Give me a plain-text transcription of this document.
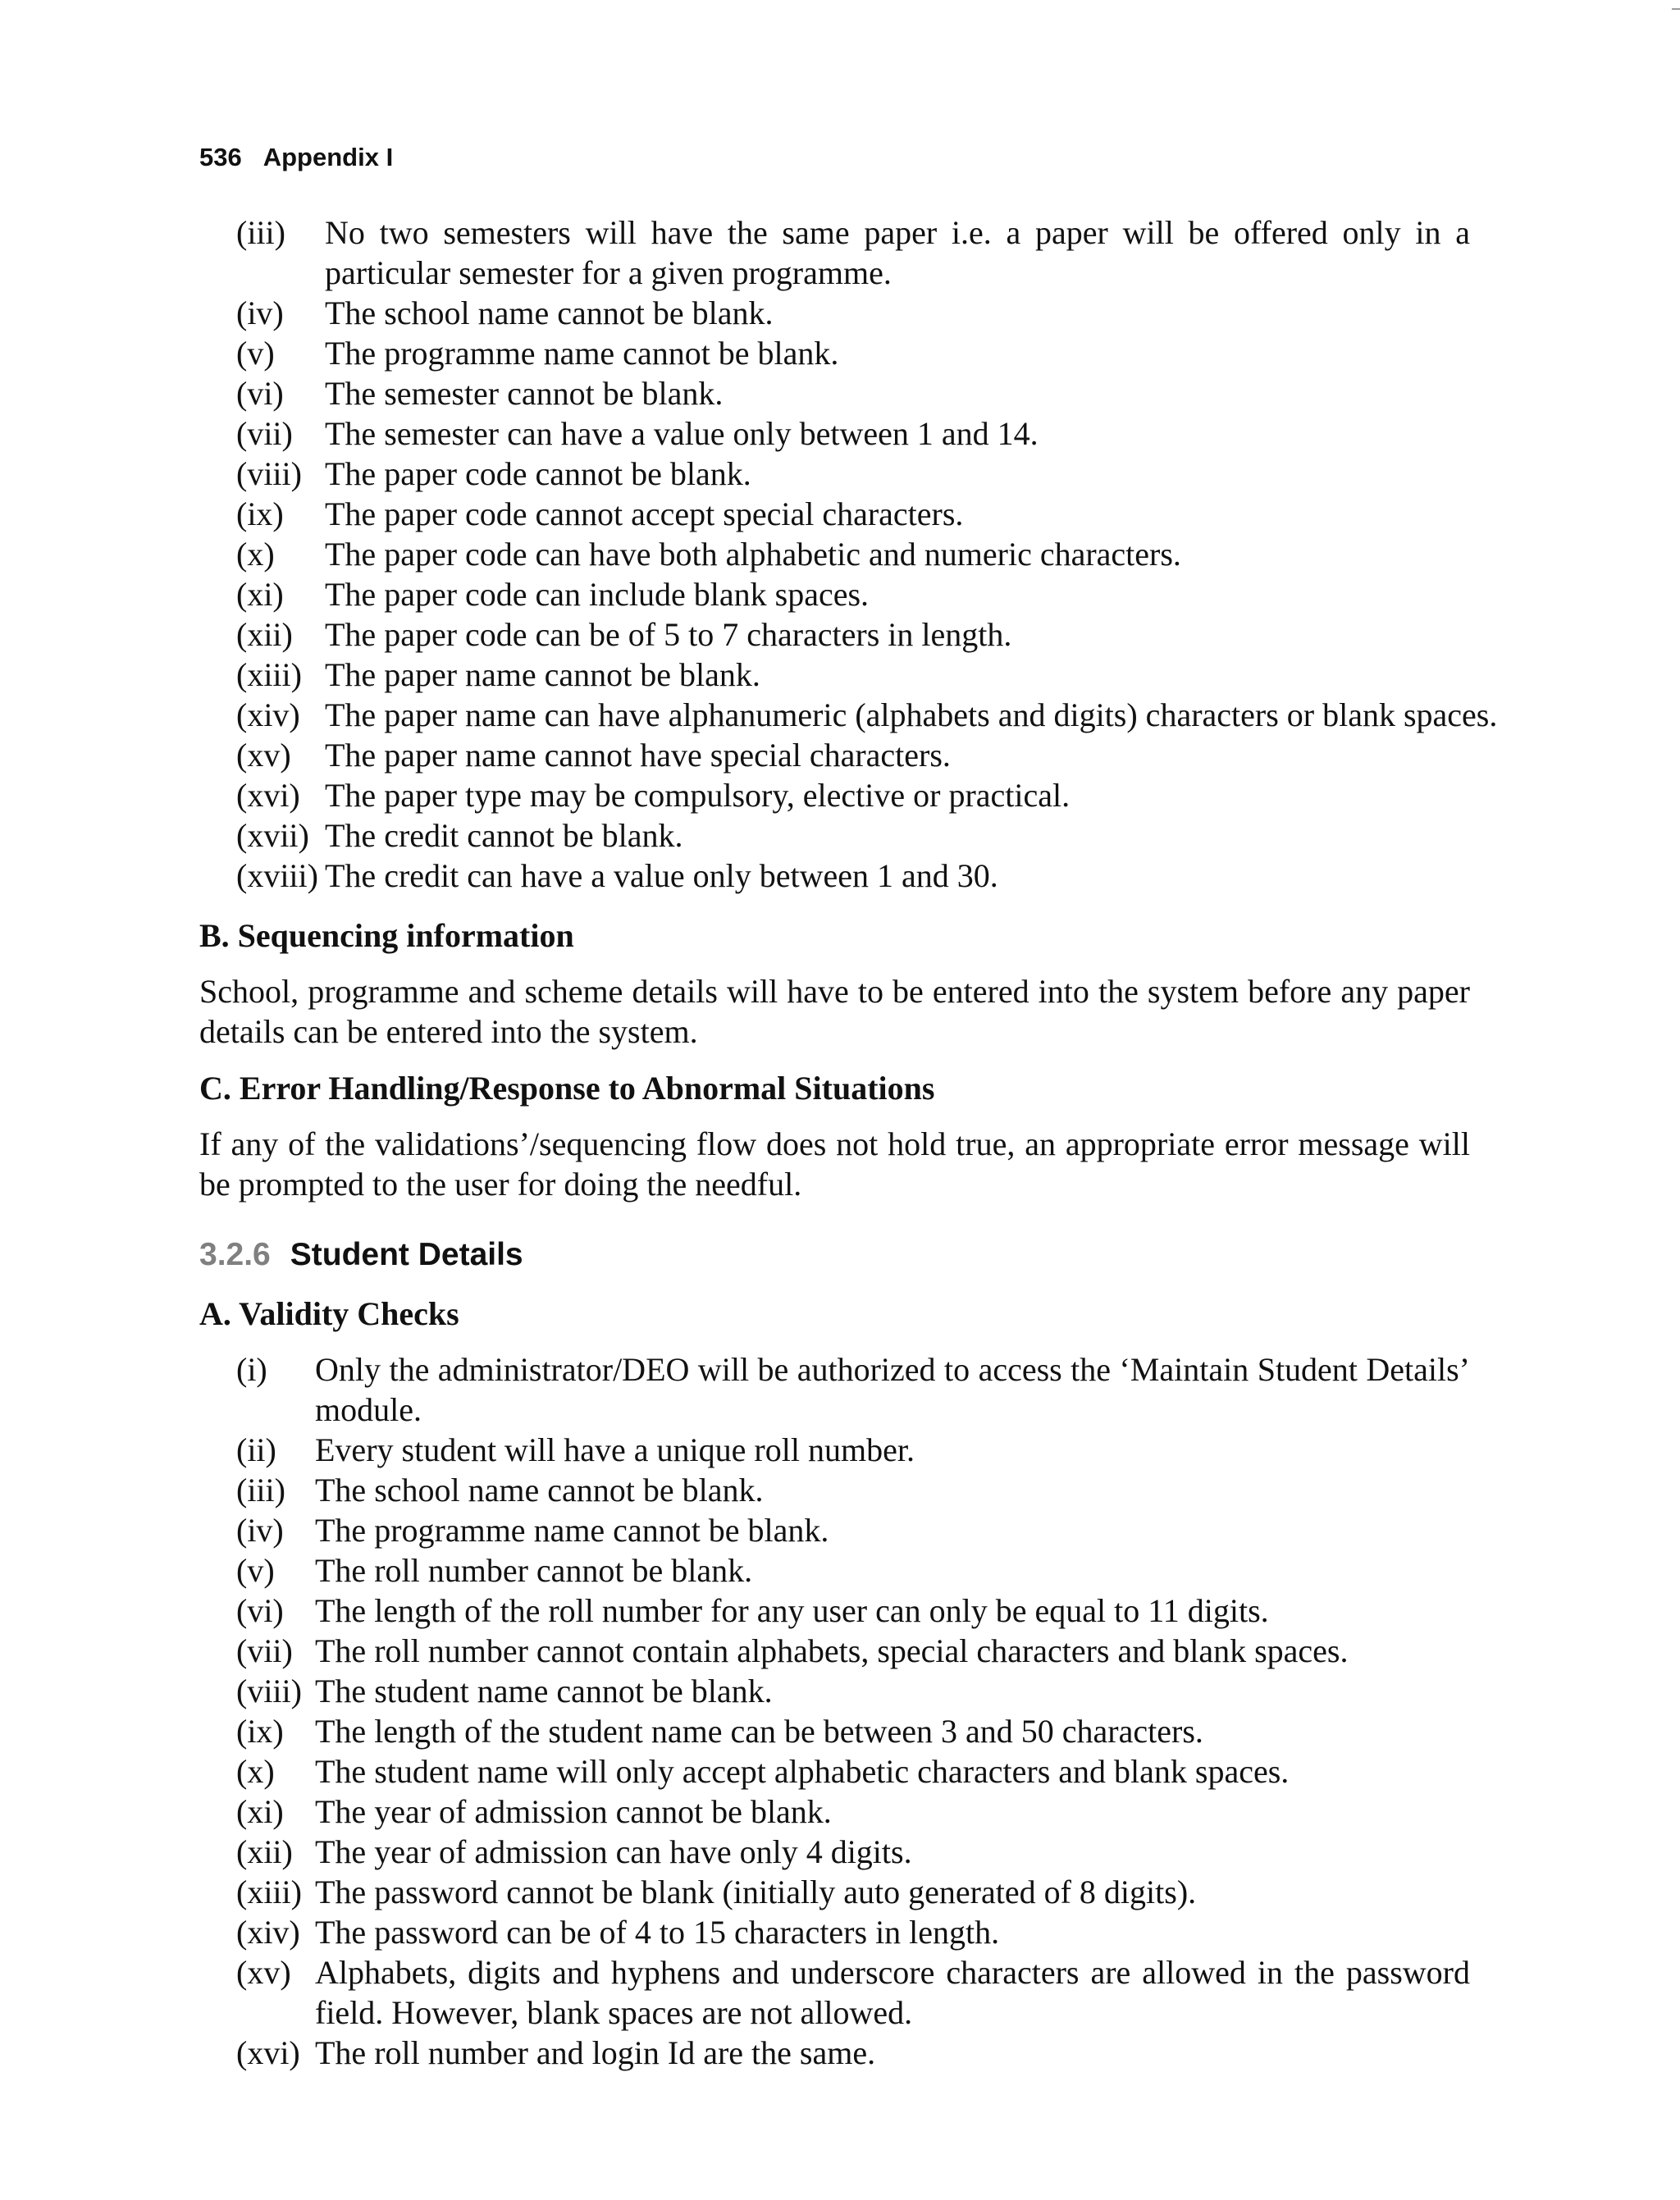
536 Appendix I
(iii) No two semesters will have the same paper i.e. a paper will be offered only in a particular semester for a given programme.
(iv) The school name cannot be blank.
(v) The programme name cannot be blank.
(vi) The semester cannot be blank.
(vii) The semester can have a value only between 1 and 14.
(viii) The paper code cannot be blank.
(ix) The paper code cannot accept special characters.
(x) The paper code can have both alphabetic and numeric characters.
(xi) The paper code can include blank spaces.
(xii) The paper code can be of 5 to 7 characters in length.
(xiii) The paper name cannot be blank.
(xiv) The paper name can have alphanumeric (alphabets and digits) characters or blank spaces.
(xv) The paper name cannot have special characters.
(xvi) The paper type may be compulsory, elective or practical.
(xvii) The credit cannot be blank.
(xviii) The credit can have a value only between 1 and 30.
B. Sequencing information

School, programme and scheme details will have to be entered into the system before any paper details can be entered into the system.

C. Error Handling/Response to Abnormal Situations

If any of the validations’/sequencing flow does not hold true, an appropriate error message will be prompted to the user for doing the needful.

3.2.6 Student Details
A. Validity Checks
(i) Only the administrator/DEO will be authorized to access the ‘Maintain Student Details’ module.
(ii) Every student will have a unique roll number.
(iii) The school name cannot be blank.
(iv) The programme name cannot be blank.
(v) The roll number cannot be blank.
(vi) The length of the roll number for any user can only be equal to 11 digits.
(vii) The roll number cannot contain alphabets, special characters and blank spaces.
(viii) The student name cannot be blank.
(ix) The length of the student name can be between 3 and 50 characters.
(x) The student name will only accept alphabetic characters and blank spaces.
(xi) The year of admission cannot be blank.
(xii) The year of admission can have only 4 digits.
(xiii) The password cannot be blank (initially auto generated of 8 digits).
(xiv) The password can be of 4 to 15 characters in length.
(xv) Alphabets, digits and hyphens and underscore characters are allowed in the password field. However, blank spaces are not allowed.
(xvi) The roll number and login Id are the same.
